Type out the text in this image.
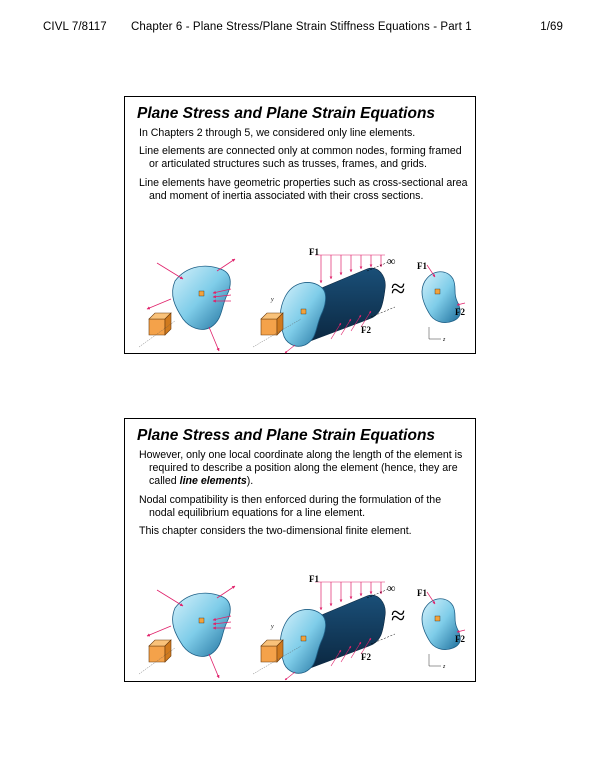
CIVL 7/8117 Chapter 6 - Plane Stress/Plane Strain Stiffness Equations - Part 1	1/69
Plane Stress and Plane Strain Equations

In Chapters 2 through 5, we considered only line elements.

Line elements are connected only at common nodes, forming framed or articulated structures such as trusses, frames, and grids.

Line elements have geometric properties such as cross-sectional area and moment of inertia associated with their cross sections.

F1
F2
∞
y	≈
F1
F2
z
Plane Stress and Plane Strain Equations

However, only one local coordinate along the length of the element is required to describe a position along the element (hence, they are called line elements).

Nodal compatibility is then enforced during the formulation of the nodal equilibrium equations for a line element.

This chapter considers the two-dimensional finite element.

F1
F2
∞
y	≈
F1
F2
z
